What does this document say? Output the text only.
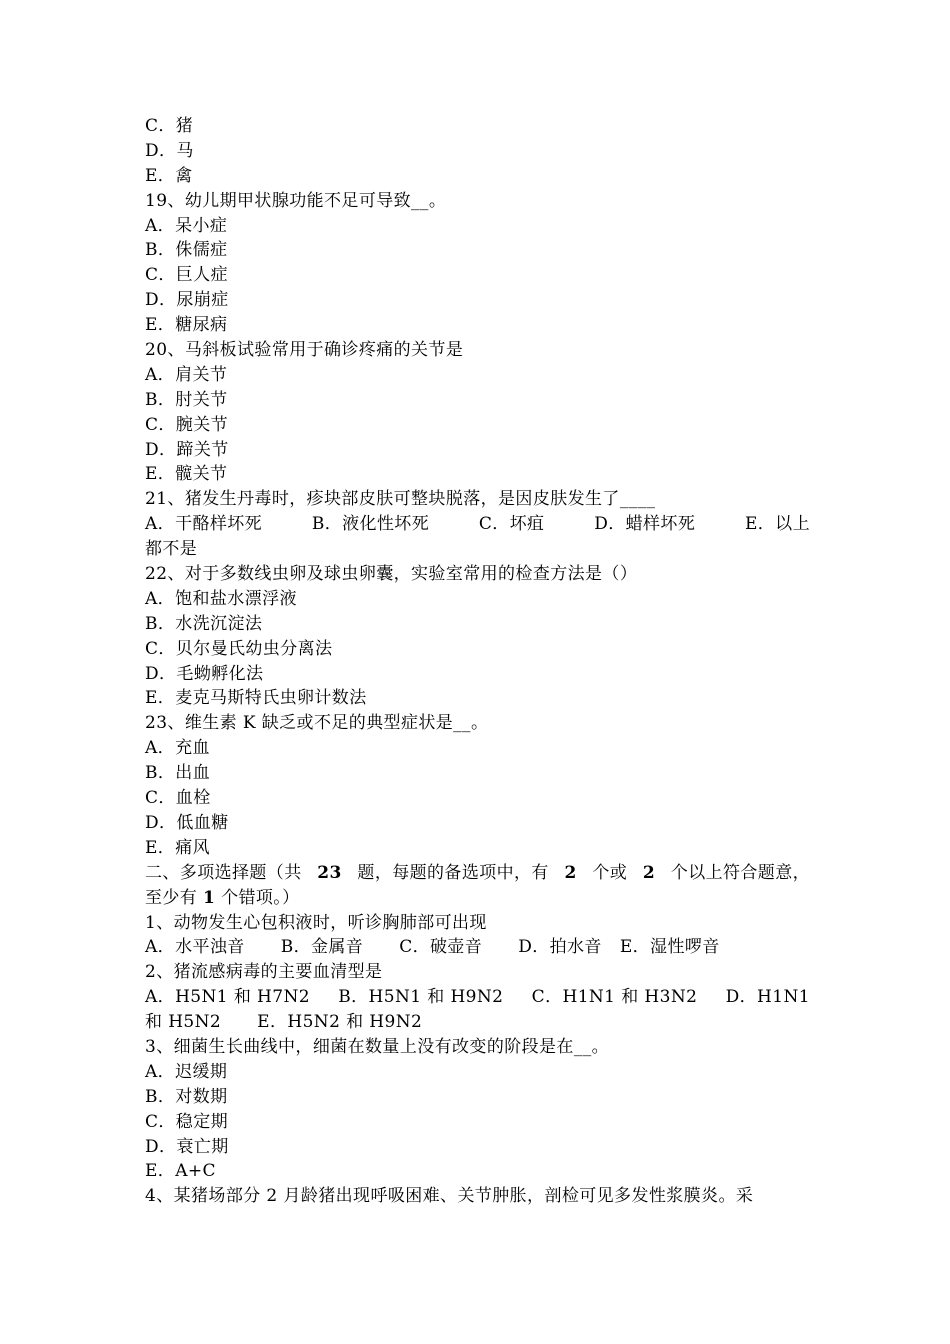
C．猪
D．马
E．禽
19、幼儿期甲状腺功能不足可导致__。
A．呆小症
B．侏儒症
C．巨人症
D．尿崩症
E．糖尿病
20、马斜板试验常用于确诊疼痛的关节是
A．肩关节
B．肘关节
C．腕关节
D．蹄关节
E．髋关节
21、猪发生丹毒时，疹块部皮肤可整块脱落，是因皮肤发生了____
A．干酪样坏死	B．液化性坏死	C．坏疽	D．蜡样坏死	E．以上
都不是
22、对于多数线虫卵及球虫卵囊，实验室常用的检查方法是（）
A．饱和盐水漂浮液
B．水洗沉淀法
C．贝尔曼氏幼虫分离法
D．毛蚴孵化法
E．麦克马斯特氏虫卵计数法
23、维生素 K 缺乏或不足的典型症状是__。
A．充血
B．出血
C．血栓
D．低血糖
E．痛风
二、多项选择题（共 23 题，每题的备选项中，有 2 个或 2 个以上符合题意，
至少有 1 个错项。）
1、动物发生心包积液时，听诊胸肺部可出现
A．水平浊音 B．金属音 C．破壶音 D．拍水音 E．湿性啰音
2、猪流感病毒的主要血清型是
A．H5N1 和 H7N2 B．H5N1 和 H9N2 C．H1N1 和 H3N2 D．H1N1
和 H5N2 E．H5N2 和 H9N2
3、细菌生长曲线中，细菌在数量上没有改变的阶段是在__。
A．迟缓期
B．对数期
C．稳定期
D．衰亡期
E．A+C
4、某猪场部分 2 月龄猪出现呼吸困难、关节肿胀，剖检可见多发性浆膜炎。采
